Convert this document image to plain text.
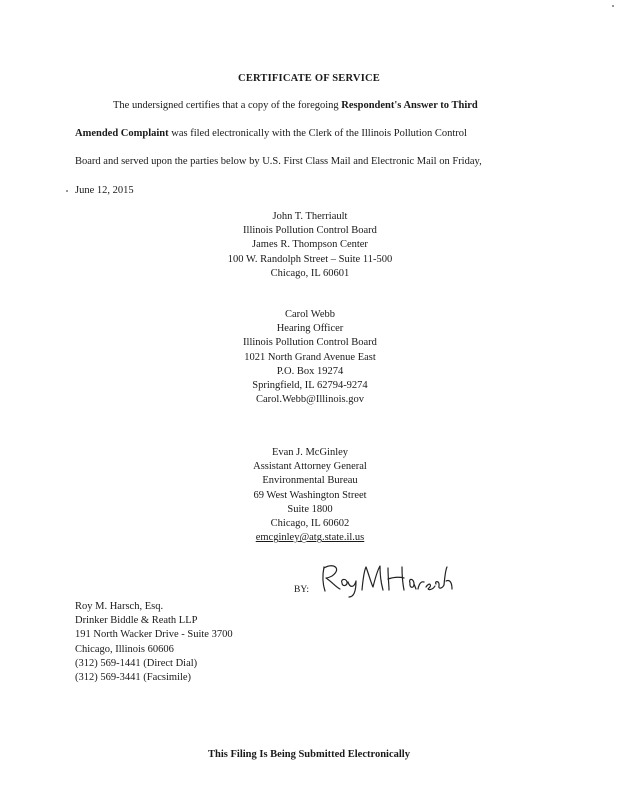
CERTIFICATE OF SERVICE
The undersigned certifies that a copy of the foregoing Respondent's Answer to Third
Amended Complaint was filed electronically with the Clerk of the Illinois Pollution Control
Board and served upon the parties below by U.S. First Class Mail and Electronic Mail on Friday,
June 12, 2015
John T. Therriault
Illinois Pollution Control Board
James R. Thompson Center
100 W. Randolph Street – Suite 11-500
Chicago, IL 60601
Carol Webb
Hearing Officer
Illinois Pollution Control Board
1021 North Grand Avenue East
P.O. Box 19274
Springfield, IL 62794-9274
Carol.Webb@Illinois.gov
Evan J. McGinley
Assistant Attorney General
Environmental Bureau
69 West Washington Street
Suite 1800
Chicago, IL 60602
emcginley@atg.state.il.us
BY:
Roy M. Harsch, Esq.
Drinker Biddle & Reath LLP
191 North Wacker Drive - Suite 3700
Chicago, Illinois 60606
(312) 569-1441 (Direct Dial)
(312) 569-3441 (Facsimile)
This Filing Is Being Submitted Electronically
